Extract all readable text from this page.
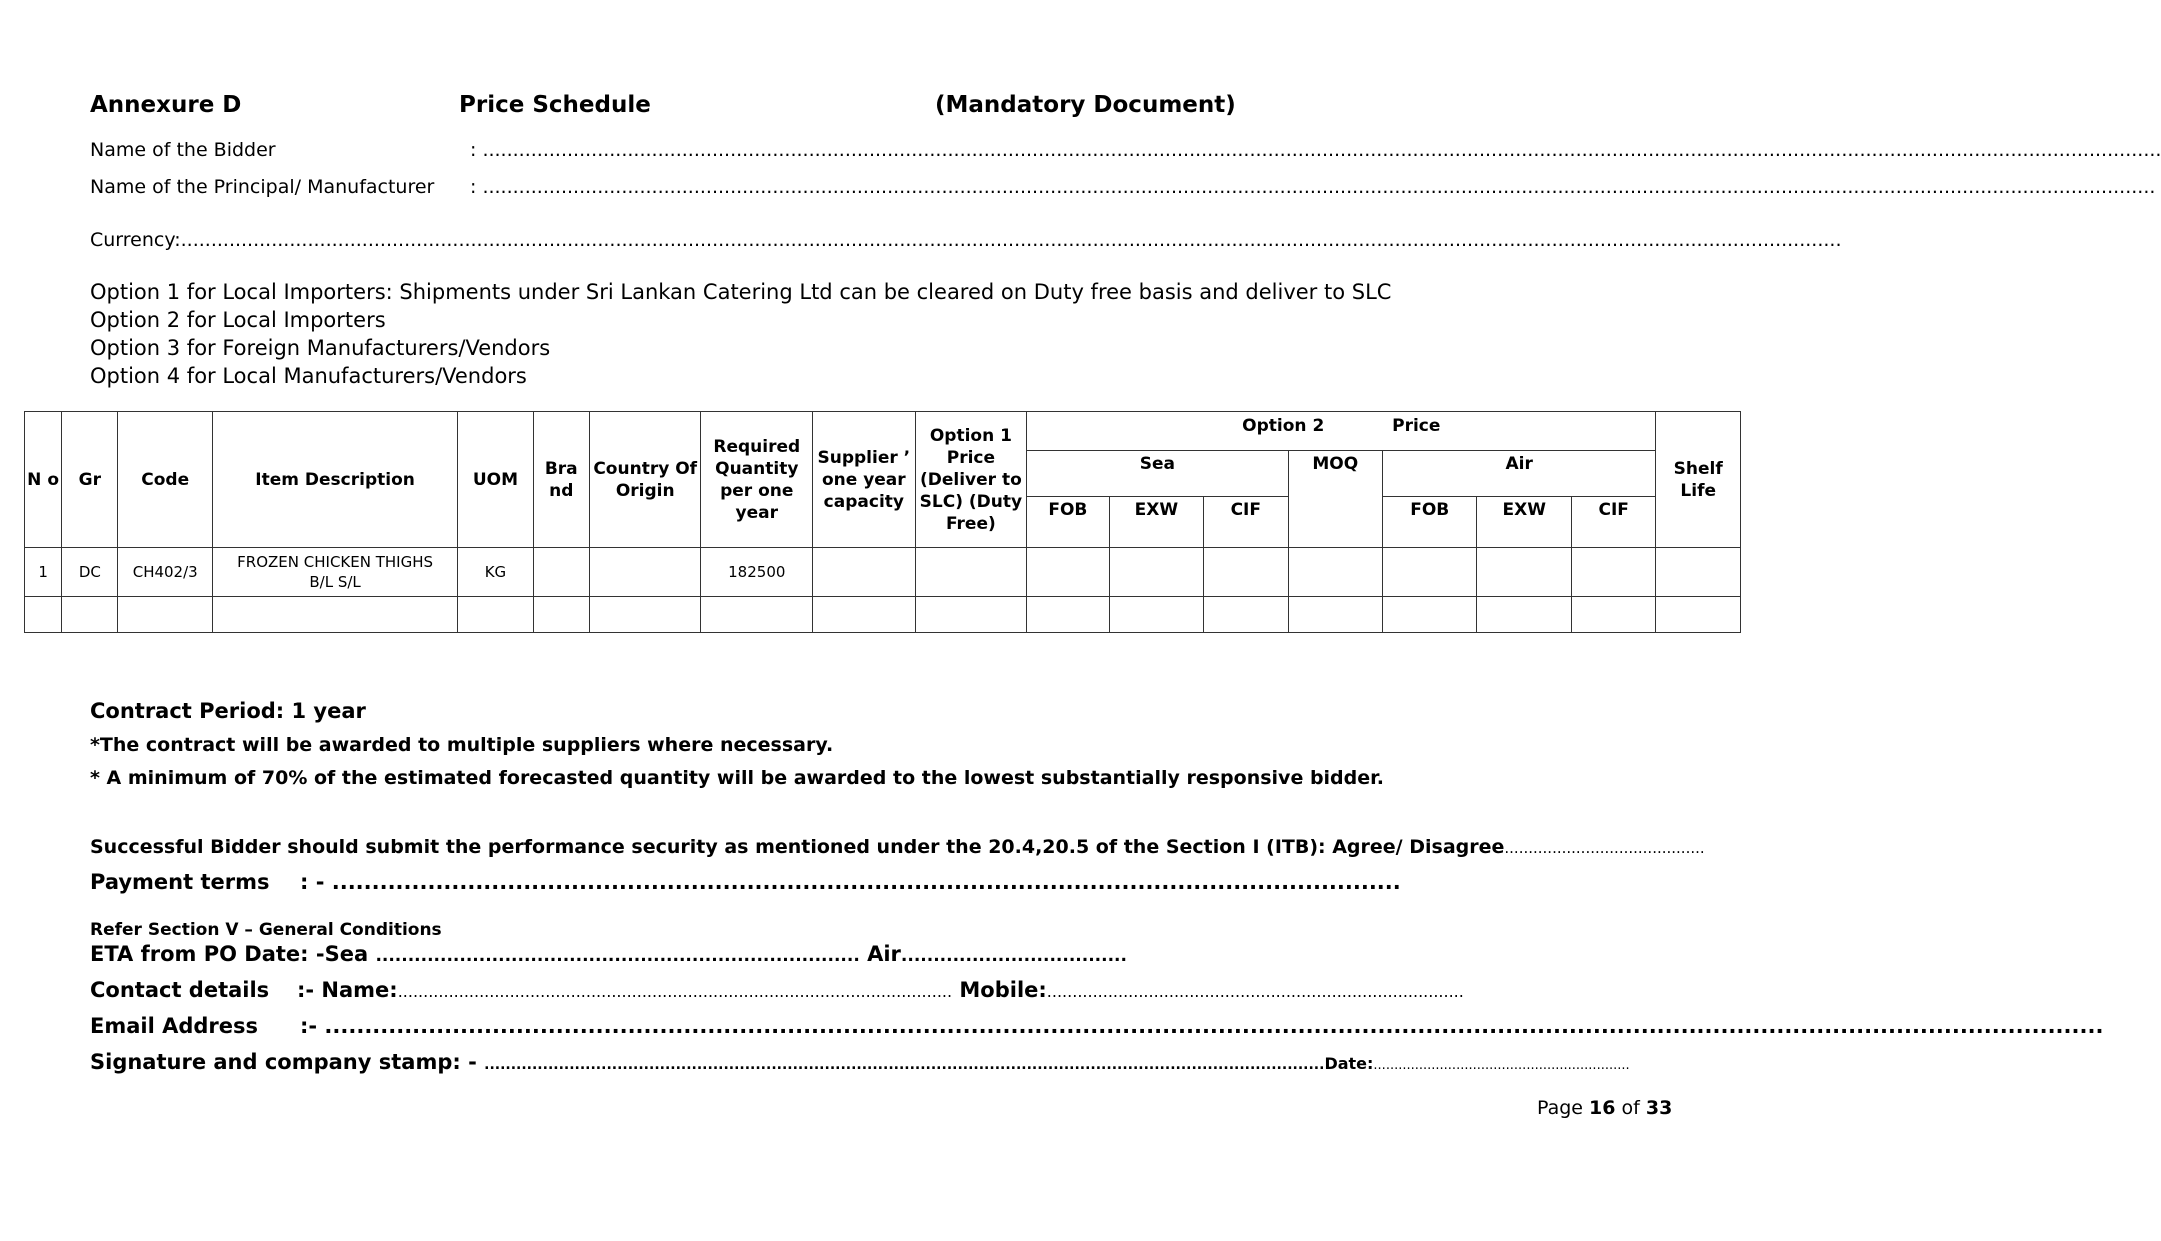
Annexure D	Price Schedule	(Mandatory Document)
Name of the Bidder	: ......................................................................................................................................................................................................................................................................................
Name of the Principal/ Manufacturer : .....................................................................................................................................................................................................................................................................................
Currency:...................................................................................................................................................................................................................................................................................
Option 1 for Local Importers: Shipments under Sri Lankan Catering Ltd can be cleared on Duty free basis and deliver to SLC
Option 2 for Local Importers
Option 3 for Foreign Manufacturers/Vendors
Option 4 for Local Manufacturers/Vendors
N o	Gr	Code	Item Description	UOM	Bra nd	Country Of Origin	Required Quantity per one year	Supplier ’ one year capacity	Option 1 Price (Deliver to SLC) (Duty Free)	Option 2 Price							Shelf Life
										Sea			MOQ	Air			
										FOB	EXW	CIF		FOB	EXW	CIF	
1	DC	CH402/3	FROZEN CHICKEN THIGHS B/L S/L	KG			182500										

Contract Period: 1 year
*The contract will be awarded to multiple suppliers where necessary.
* A minimum of 70% of the estimated forecasted quantity will be awarded to the lowest substantially responsive bidder.
Successful Bidder should submit the performance security as mentioned under the 20.4,20.5 of the Section I (ITB): Agree/ Disagree..........................................
Payment terms : - ......................................................................................................................................
Refer Section V – General Conditions
ETA from PO Date: -Sea ........................................................................... Air...................................
Contact details :- Name:............................................................................................................. Mobile:..................................................................................
Email Address :- ...............................................................................................................................................................................................................................
Signature and company stamp: - ..............................................................................................................................................................Date:..............................................................
Page 16 of 33
